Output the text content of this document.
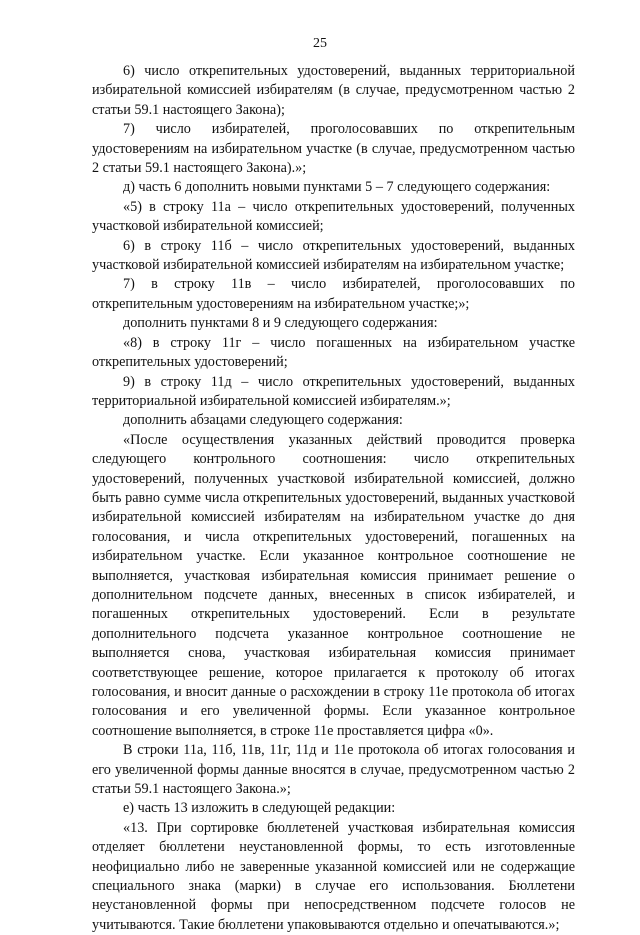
25

6) число открепительных удостоверений, выданных территориальной избирательной комиссией избирателям (в случае, предусмотренном частью 2 статьи 59.1 настоящего Закона);

7) число избирателей, проголосовавших по открепительным удостоверениям на избирательном участке (в случае, предусмотренном частью 2 статьи 59.1 настоящего Закона).»;

д) часть 6 дополнить новыми пунктами 5 – 7 следующего содержания:

«5) в строку 11а – число открепительных удостоверений, полученных участковой избирательной комиссией;

6) в строку 11б – число открепительных удостоверений, выданных участковой избирательной комиссией избирателям на избирательном участке;

7) в строку 11в – число избирателей, проголосовавших по открепительным удостоверениям на избирательном участке;»;

дополнить пунктами 8 и 9 следующего содержания:

«8) в строку 11г – число погашенных на избирательном участке открепительных удостоверений;

9) в строку 11д – число открепительных удостоверений, выданных территориальной избирательной комиссией избирателям.»;

дополнить абзацами следующего содержания:

«После осуществления указанных действий проводится проверка следующего контрольного соотношения: число открепительных удостоверений, полученных участковой избирательной комиссией, должно быть равно сумме числа открепительных удостоверений, выданных участковой избирательной комиссией избирателям на избирательном участке до дня голосования, и числа открепительных удостоверений, погашенных на избирательном участке. Если указанное контрольное соотношение не выполняется, участковая избирательная комиссия принимает решение о дополнительном подсчете данных, внесенных в список избирателей, и погашенных открепительных удостоверений. Если в результате дополнительного подсчета указанное контрольное соотношение не выполняется снова, участковая избирательная комиссия принимает соответствующее решение, которое прилагается к протоколу об итогах голосования, и вносит данные о расхождении в строку 11е протокола об итогах голосования и его увеличенной формы. Если указанное контрольное соотношение выполняется, в строке 11е проставляется цифра «0».

В строки 11а, 11б, 11в, 11г, 11д и 11е протокола об итогах голосования и его увеличенной формы данные вносятся в случае, предусмотренном частью 2 статьи 59.1 настоящего Закона.»;

е) часть 13 изложить в следующей редакции:

«13. При сортировке бюллетеней участковая избирательная комиссия отделяет бюллетени неустановленной формы, то есть изготовленные неофициально либо не заверенные указанной комиссией или не содержащие специального знака (марки) в случае его использования. Бюллетени неустановленной формы при непосредственном подсчете голосов не учитываются. Такие бюллетени упаковываются отдельно и опечатываются.»;
